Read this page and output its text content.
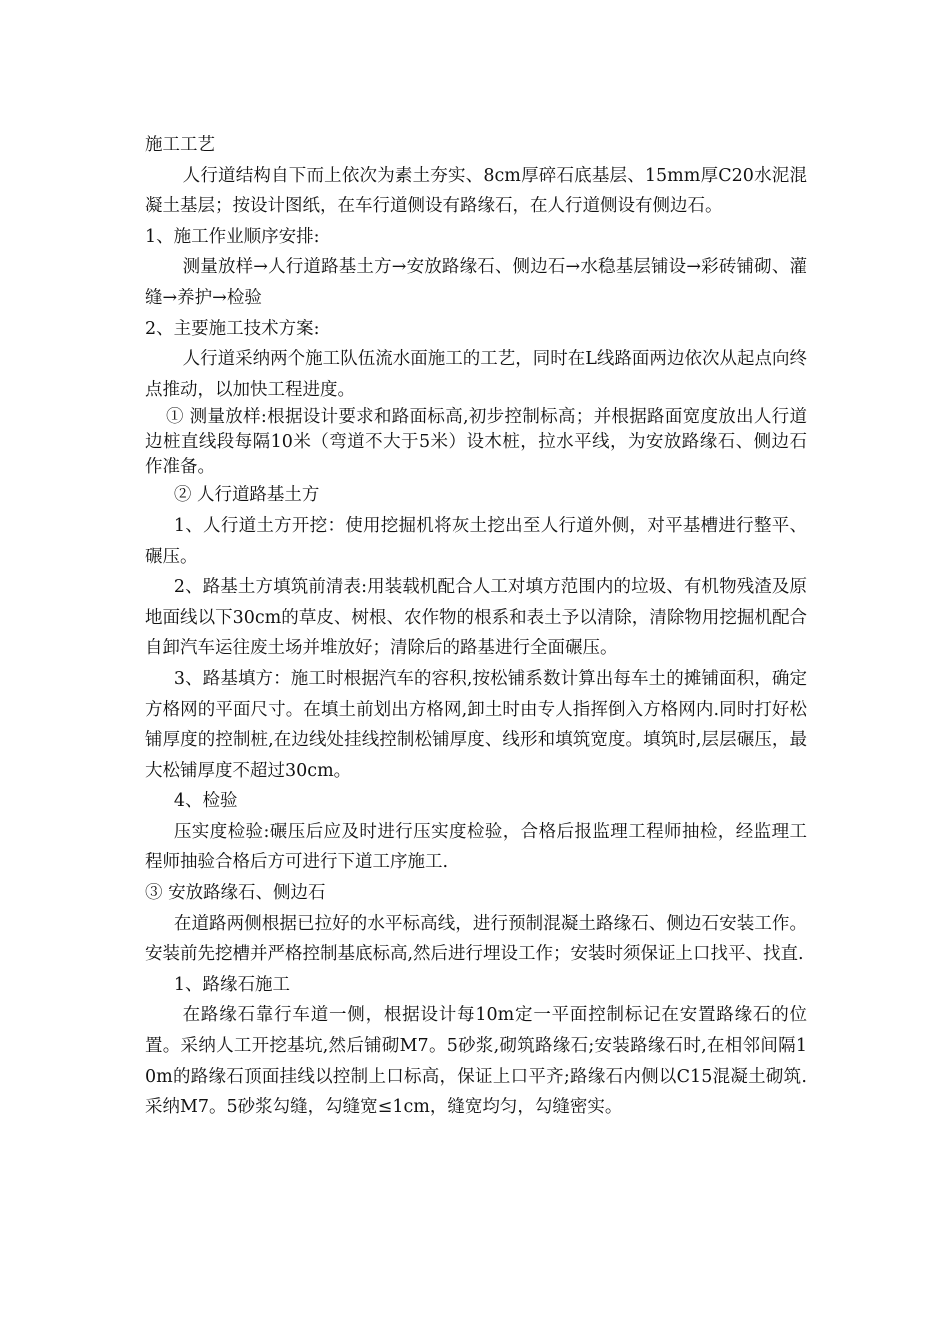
施工工艺

人行道结构自下而上依次为素土夯实、8cm厚碎石底基层、15mm厚C20水泥混凝土基层；按设计图纸，在车行道侧设有路缘石，在人行道侧设有侧边石。

1、施工作业顺序安排:

测量放样→人行道路基土方→安放路缘石、侧边石→水稳基层铺设→彩砖铺砌、灌缝→养护→检验

2、主要施工技术方案:

人行道采纳两个施工队伍流水面施工的工艺，同时在L线路面两边依次从起点向终点推动，以加快工程进度。

① 测量放样:根据设计要求和路面标高,初步控制标高；并根据路面宽度放出人行道边桩直线段每隔10米（弯道不大于5米）设木桩，拉水平线，为安放路缘石、侧边石作准备。

② 人行道路基土方

1、人行道土方开挖：使用挖掘机将灰土挖出至人行道外侧，对平基槽进行整平、碾压。

2、路基土方填筑前清表:用装载机配合人工对填方范围内的垃圾、有机物残渣及原地面线以下30cm的草皮、树根、农作物的根系和表土予以清除，清除物用挖掘机配合自卸汽车运往废土场并堆放好；清除后的路基进行全面碾压。

3、路基填方：施工时根据汽车的容积,按松铺系数计算出每车土的摊铺面积，确定方格网的平面尺寸。在填土前划出方格网,卸土时由专人指挥倒入方格网内.同时打好松铺厚度的控制桩,在边线处挂线控制松铺厚度、线形和填筑宽度。填筑时,层层碾压，最大松铺厚度不超过30cm。

4、检验

压实度检验:碾压后应及时进行压实度检验，合格后报监理工程师抽检，经监理工程师抽验合格后方可进行下道工序施工.

③ 安放路缘石、侧边石

在道路两侧根据已拉好的水平标高线，进行预制混凝土路缘石、侧边石安装工作。安装前先挖槽并严格控制基底标高,然后进行埋设工作；安装时须保证上口找平、找直.

1、路缘石施工

在路缘石靠行车道一侧，根据设计每10m定一平面控制标记在安置路缘石的位置。采纳人工开挖基坑,然后铺砌M7。5砂浆,砌筑路缘石;安装路缘石时,在相邻间隔10m的路缘石顶面挂线以控制上口标高，保证上口平齐;路缘石内侧以C15混凝土砌筑.采纳M7。5砂浆勾缝，勾缝宽≤1cm，缝宽均匀，勾缝密实。
